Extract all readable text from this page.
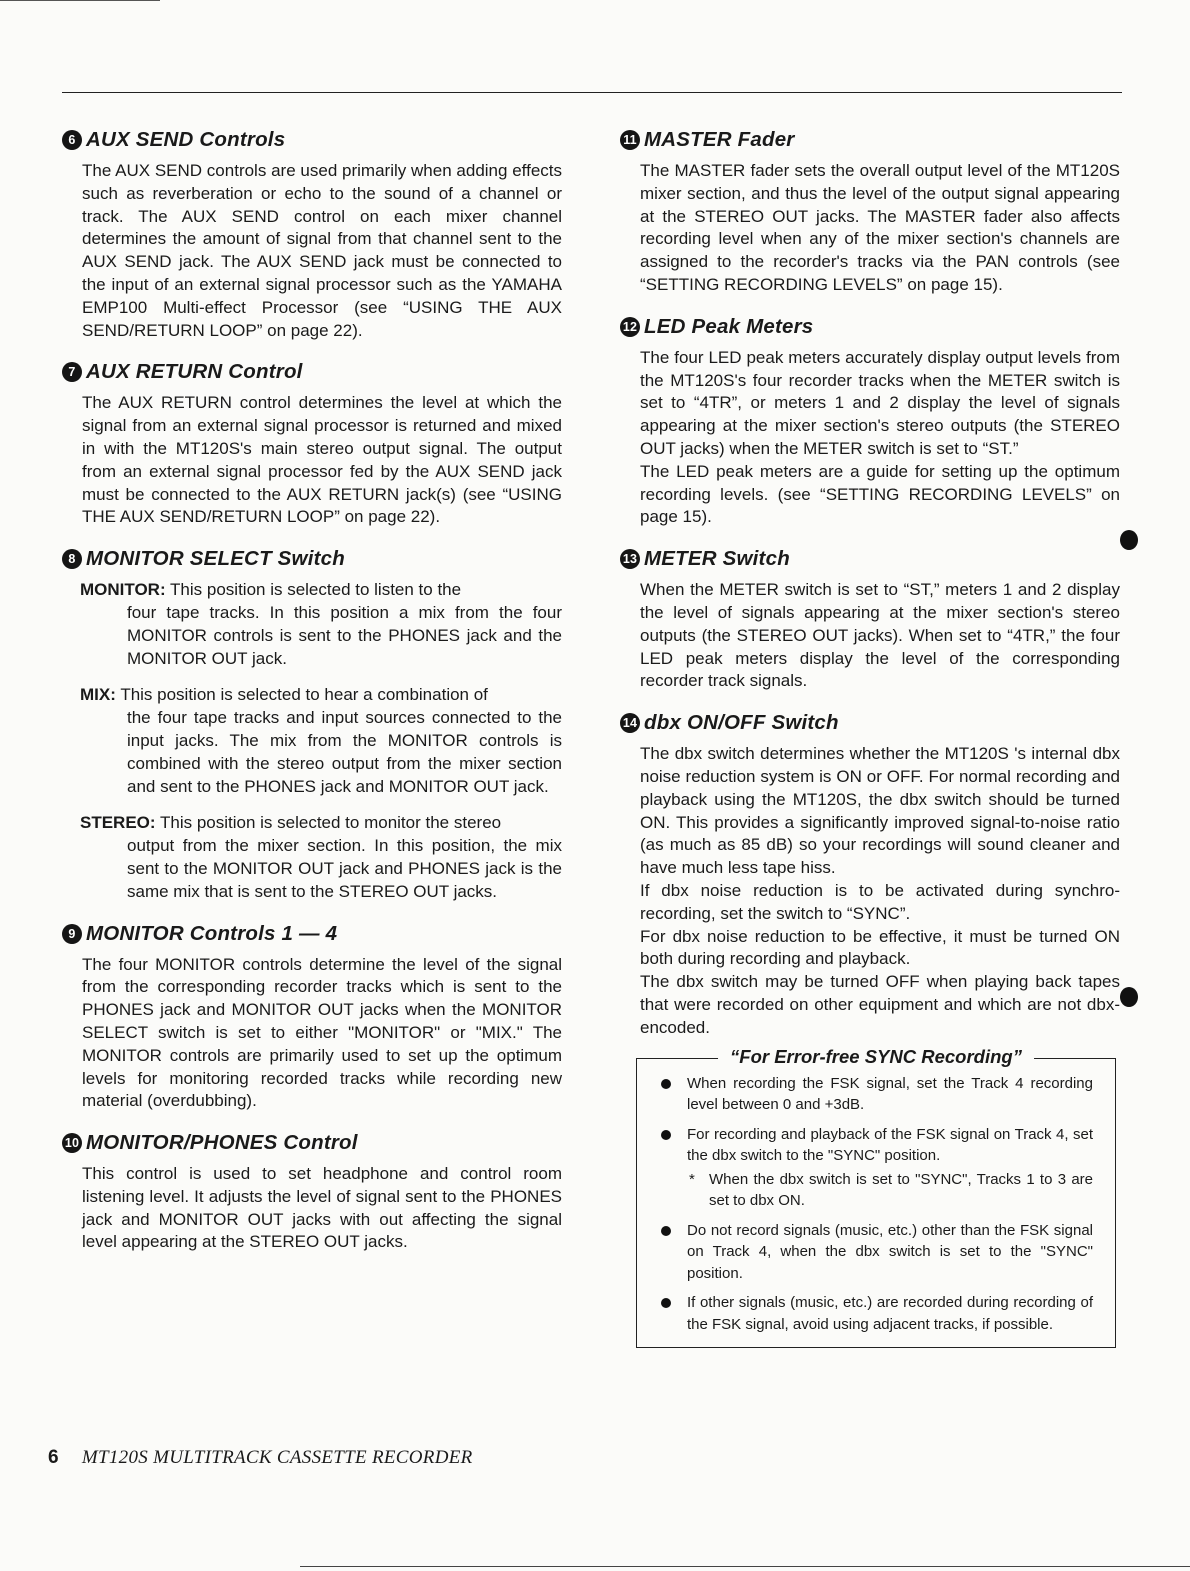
6 AUX SEND Controls

The AUX SEND controls are used primarily when adding effects such as reverberation or echo to the sound of a channel or track. The AUX SEND control on each mixer channel determines the amount of signal from that channel sent to the AUX SEND jack. The AUX SEND jack must be connected to the input of an external signal processor such as the YAMAHA EMP100 Multi-effect Processor (see “USING THE AUX SEND/RETURN LOOP” on page 22).

7 AUX RETURN Control

The AUX RETURN control determines the level at which the signal from an external signal processor is returned and mixed in with the MT120S's main stereo output signal. The output from an external signal processor fed by the AUX SEND jack must be connected to the AUX RETURN jack(s) (see “USING THE AUX SEND/RETURN LOOP” on page 22).

8 MONITOR SELECT Switch
MONITOR: This position is selected to listen to the
four tape tracks. In this position a mix from the four MONITOR controls is sent to the PHONES jack and the MONITOR OUT jack.
MIX: This position is selected to hear a combination of
the four tape tracks and input sources connected to the input jacks. The mix from the MONITOR controls is combined with the stereo output from the mixer section and sent to the PHONES jack and MONITOR OUT jack.
STEREO: This position is selected to monitor the stereo
output from the mixer section. In this position, the mix sent to the MONITOR OUT jack and PHONES jack is the same mix that is sent to the STEREO OUT jacks.
9 MONITOR Controls 1 — 4

The four MONITOR controls determine the level of the signal from the corresponding recorder tracks which is sent to the PHONES jack and MONITOR OUT jacks when the MONITOR SELECT switch is set to either "MONITOR" or "MIX." The MONITOR controls are primarily used to set up the optimum levels for monitoring recorded tracks while recording new material (overdubbing).

10 MONITOR/PHONES Control

This control is used to set headphone and control room listening level. It adjusts the level of signal sent to the PHONES jack and MONITOR OUT jacks with out affecting the signal level appearing at the STEREO OUT jacks.

11 MASTER Fader

The MASTER fader sets the overall output level of the MT120S mixer section, and thus the level of the output signal appearing at the STEREO OUT jacks. The MASTER fader also affects recording level when any of the mixer section's channels are assigned to the recorder's tracks via the PAN controls (see “SETTING RECORDING LEVELS” on page 15).

12 LED Peak Meters

The four LED peak meters accurately display output levels from the MT120S's four recorder tracks when the METER switch is set to “4TR”, or meters 1 and 2 display the level of signals appearing at the mixer section's stereo outputs (the STEREO OUT jacks) when the METER switch is set to “ST.”

The LED peak meters are a guide for setting up the optimum recording levels. (see “SETTING RECORDING LEVELS” on page 15).

13 METER Switch

When the METER switch is set to “ST,” meters 1 and 2 display the level of signals appearing at the mixer section's stereo outputs (the STEREO OUT jacks). When set to “4TR,” the four LED peak meters display the level of the corresponding recorder track signals.

14 dbx ON/OFF Switch

The dbx switch determines whether the MT120S 's internal dbx noise reduction system is ON or OFF. For normal recording and playback using the MT120S, the dbx switch should be turned ON. This provides a significantly improved signal-to-noise ratio (as much as 85 dB) so your recordings will sound cleaner and have much less tape hiss.

If dbx noise reduction is to be activated during synchro-recording, set the switch to “SYNC”.

For dbx noise reduction to be effective, it must be turned ON both during recording and playback.

The dbx switch may be turned OFF when playing back tapes that were recorded on other equipment and which are not dbx-encoded.

“For Error-free SYNC Recording”
When recording the FSK signal, set the Track 4 recording level between 0 and +3dB.
For recording and playback of the FSK signal on Track 4, set the dbx switch to the "SYNC" position.
* When the dbx switch is set to "SYNC", Tracks 1 to 3 are set to dbx ON.
Do not record signals (music, etc.) other than the FSK signal on Track 4, when the dbx switch is set to the "SYNC" position.
If other signals (music, etc.) are recorded during recording of the FSK signal, avoid using adjacent tracks, if possible.
6 MT120S MULTITRACK CASSETTE RECORDER
